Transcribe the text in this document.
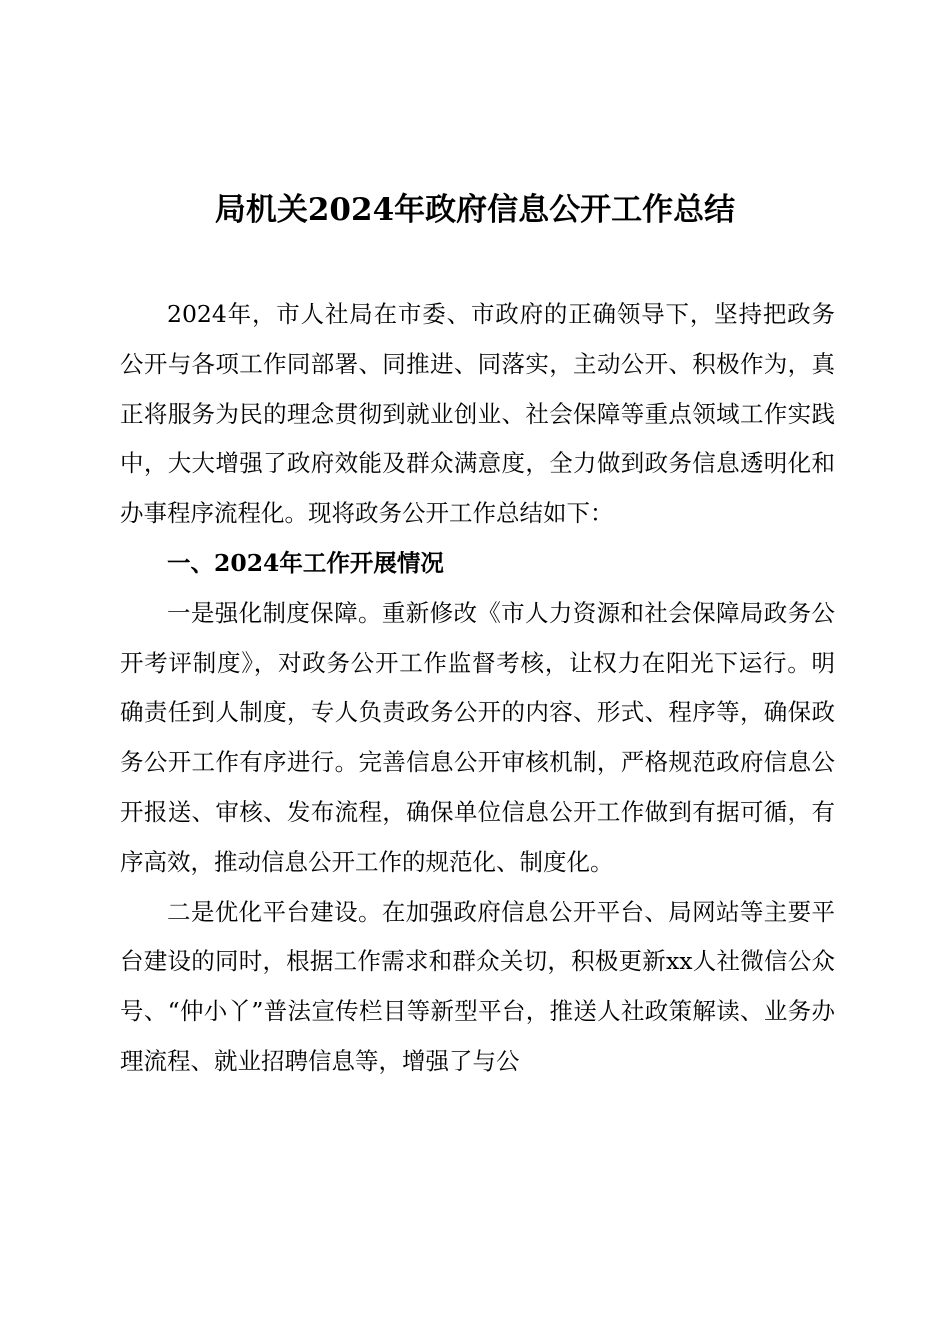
局机关2024年政府信息公开工作总结

2024年，市人社局在市委、市政府的正确领导下，坚持把政务公开与各项工作同部署、同推进、同落实，主动公开、积极作为，真正将服务为民的理念贯彻到就业创业、社会保障等重点领域工作实践中，大大增强了政府效能及群众满意度，全力做到政务信息透明化和办事程序流程化。现将政务公开工作总结如下：

一、2024年工作开展情况

一是强化制度保障。重新修改《市人力资源和社会保障局政务公开考评制度》，对政务公开工作监督考核，让权力在阳光下运行。明确责任到人制度，专人负责政务公开的内容、形式、程序等，确保政务公开工作有序进行。完善信息公开审核机制，严格规范政府信息公开报送、审核、发布流程，确保单位信息公开工作做到有据可循，有序高效，推动信息公开工作的规范化、制度化。

二是优化平台建设。在加强政府信息公开平台、局网站等主要平台建设的同时，根据工作需求和群众关切，积极更新xx人社微信公众号、“仲小丫”普法宣传栏目等新型平台，推送人社政策解读、业务办理流程、就业招聘信息等，增强了与公
